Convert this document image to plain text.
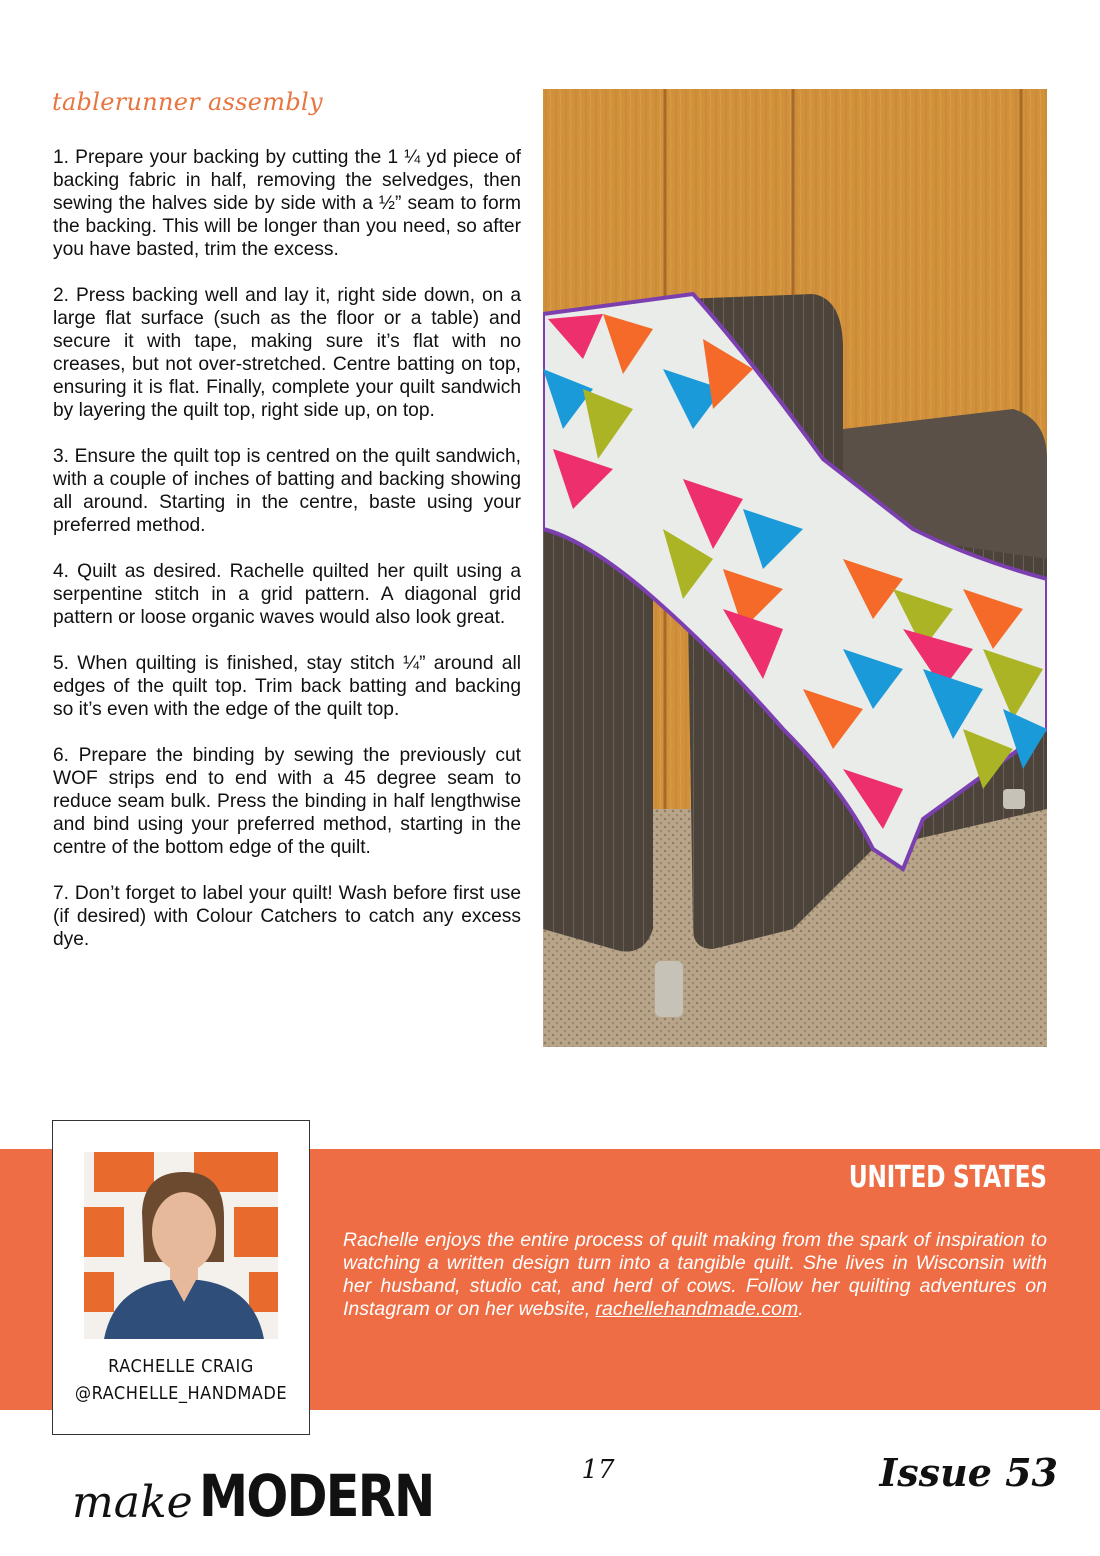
tablerunner assembly

1. Prepare your backing by cutting the 1 ¼ yd piece of backing fabric in half, removing the selvedges, then sewing the halves side by side with a ½” seam to form the backing. This will be longer than you need, so after you have basted, trim the excess.

2. Press backing well and lay it, right side down, on a large flat surface (such as the floor or a table) and secure it with tape, making sure it’s flat with no creases, but not over-stretched. Centre batting on top, ensuring it is flat. Finally, complete your quilt sandwich by layering the quilt top, right side up, on top.

3. Ensure the quilt top is centred on the quilt sandwich, with a couple of inches of batting and backing showing all around. Starting in the centre, baste using your preferred method.

4. Quilt as desired. Rachelle quilted her quilt using a serpentine stitch in a grid pattern. A diagonal grid pattern or loose organic waves would also look great.

5. When quilting is finished, stay stitch ¼” around all edges of the quilt top. Trim back batting and backing so it’s even with the edge of the quilt top.

6. Prepare the binding by sewing the previously cut WOF strips end to end with a 45 degree seam to reduce seam bulk. Press the binding in half lengthwise and bind using your preferred method, starting in the centre of the bottom edge of the quilt.

7. Don’t forget to label your quilt! Wash before first use (if desired) with Colour Catchers to catch any excess dye.

RACHELLE CRAIG
@RACHELLE_HANDMADE
UNITED STATES
Rachelle enjoys the entire process of quilt making from the spark of inspiration to watching a written design turn into a tangible quilt. She lives in Wisconsin with her husband, studio cat, and herd of cows. Follow her quilting adventures on Instagram or on her website, rachellehandmade.com.
make MODERN	17	Issue 53
